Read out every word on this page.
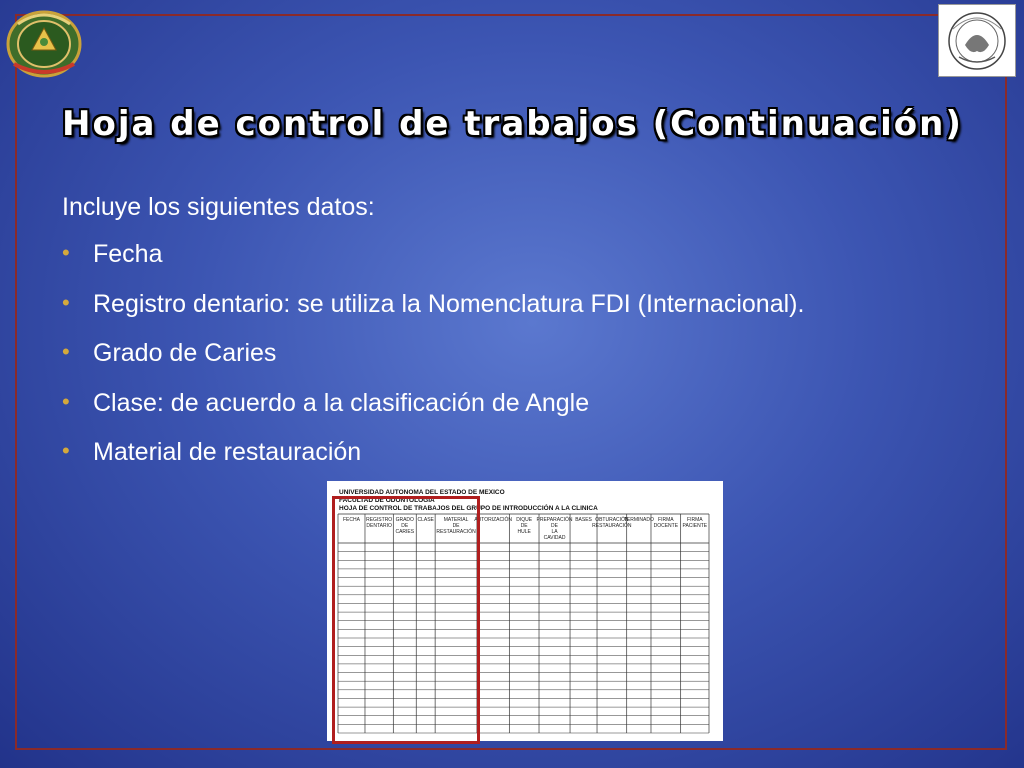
Hoja de control de trabajos (Continuación)

Incluye los siguientes datos:

• Fecha
• Registro dentario: se utiliza la Nomenclatura FDI (Internacional).
• Grado de Caries
• Clase: de acuerdo a la clasificación de Angle
• Material de restauración
UNIVERSIDAD AUTONOMA DEL ESTADO DE MEXICO
FACULTAD DE ODONTOLOGIA
HOJA DE CONTROL DE TRABAJOS DEL GRUPO DE INTRODUCCIÓN A LA CLINICA
FECHA REGISTRO DENTARIO
GRADO DE CARIES
CLASE	MATERIAL DE RESTAURACIÓN
AUTORIZACIÓN DIQUE DE HULE
PREPARACIÓN DE LA CAVIDAD
BASES OBTURACIÓN RESTAURACIÓN
TERMINADO FIRMA DOCENTE
FIRMA PACIENTE
